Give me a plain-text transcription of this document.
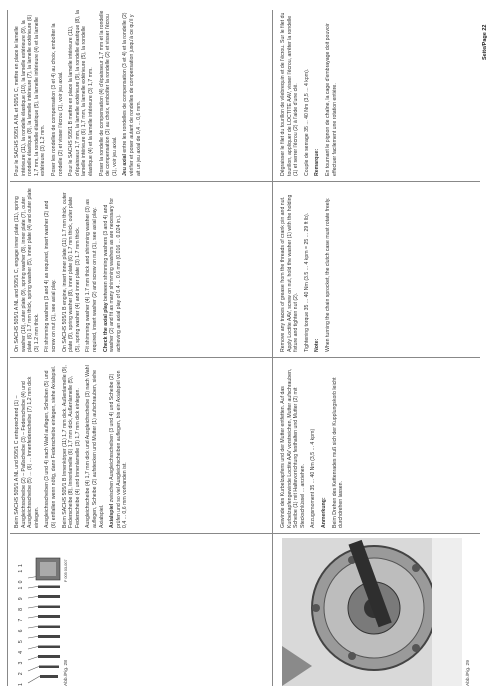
Abb./Fig. 28
1 2 3 4 5 6 7 8 9 10 11	F 005 03-007
Abb./Fig. 29

Beim SACHS 505/1 A NL und 505/1 C entsprechend (1) – Ausgleichsscheibe (2) – Paßscheibe (3) – Federscheibe (4) und Ausgleichsscheibe (5) ... (6) ... Innenfederscheibe (7) 1,2 mm dick einlegen. Ausgleichsscheiben (3 und 4) nach Wahl auflegen, Scheiben (5) und (6) entfallen wenn nötig, dann Federscheibe einlegen, siehe Axialspiel. Beim SACHS 505/1 B Innenkörper (11) 1,7 mm dick. Außenlamelle (9), Federscheibe (8), Innenlamelle (6) 1,7 mm dick, Außenlamelle (5), Federscheibe (4) und Innenlamelle (3) 1,7 mm dick einlegen. Ausgleichscheibe (4) 1,7 mm dick und Ausgleichscheibe (3) nach Wahl auflegen, Scheibe (2) aufstecken und Mutter (1) aufschrauben, siehe Axialspiel. Axialspiel zwischen Ausgleichsscheiben (3 und 4) und Scheibe (2) prüfen und so viel Ausgleichscheiben auflegen, bis ein Axialspiel von 0,4 ... 0,6 mm vorhanden ist.

On SACHS 505/1 A NL and 505/1 C, engage inner plate (11), spring washer (10), outer plate (9), spring washer (8), inner plate (7), outer plate (6) 1.7 mm thick, spring washer (5), inner plate (4) and outer plate (3) 1.2 mm thick. Fit shimming washers (3 and 4) as required, insert washer (2) and screw on nut (1), see axial play. On SACHS 505/1 B engine, insert inner plate (11) 1.7 mm thick, outer plate (9), spring washer (8), inner plate (6) 1.7 mm thick, outer plate (5), spring washer (4) and inner plate (3) 1.7 mm thick. Fit shimming washer (4) 1.7 mm thick and shimming washer (3) as required, insert washer (2) and screw on nut (1), see axial play. Check the axial play between shimming washers (3 and 4) and washer (2) and fit as many shimming washers as are necessary for achieving an axial play of 0.4 ... 0.6 mm (0.016 ... 0.024 in.).

Pour le SACHS 505/1 A NL et 505/1 C, mettre en place le lamelle intérieure (11), la rondelle élastique (10), la lamelle extérieure (9), la rondelle élastique (8), la lamelle intérieure (7), la lamelle extérieure (6) 1,7 mm, la rondelle élastique (5), la lamelle intérieure (4) et la lamelle extérieure (3) 1,2 mm. Poser les rondelles de compensation (3 et 4) au choix, emboîter la rondelle (2) et visser l'écrou (1), voir jeu axial. Pour le SACHS 505/1 B mettre en place la lamelle intérieure (11), d'épaisseur 1,7 mm, la lamelle extérieure (9), la rondelle élastique (8), la lamelle intérieure (6) 1,7 mm, la lamelle extérieure (5), la rondelle élastique (4) et la lamelle intérieure (3) 1,7 mm. Poser la rondelle de compensation (4) d'épaisseur 1,7 mm et la rondelle de compensation (3) au choix, emboîter la rondelle (2) et visser l'écrou (1), voir jeu axial. Jeu axial entre les rondelles de compensation (3 et 4) et la rondelle (2) vérifier et poser autant de rondelles de compensation jusqu'à ce qu'il y ait un jeu axial de 0,4 ... 0,6 mm.

Gewinde des Kurbelzapfens und der Mutter entfetten. Auf das Kurbelzapfengewinde Loctite AAV vorstreichen, Mutter aufschrauben, Scheibe (1) mit Haltevorrichtung festhalten und Mutter (2) mit Steckschlüssel ... anziehen. Anzugsmoment 35 ... 40 Nm (3,5 ... 4 kpm) Anmerkung: Beim Drehen des Kettenrades muß sich der Kupplungskorb leicht durchdrehen lassen.

Remove any traces of grease from the threads of crank pin and nut. Apply Loctite AAV, screw on nut, hold the washer (1) with the holding fixture and tighten nut (2). Tightening torque 35 ... 40 Nm (3.5 ... 4 kpm = 25 ... 29 ft lb). Note: When turning the chain sprocket, the clutch case must rotate freely.

Dégraisser le filet du tourillon de vilebrequin et de l'écrou. Sur le filet du tourillon, appliquer de LOCTITE AAV, visser l'écrou, arrêter la rondelle (1) et serrer l'écrou (2) à l'aide d'une clé. Couple de serrage 35 ... 40 Nm (3,5 ... 4 kpm). Remarque: En tournant le pignon de chaîne, la cage d'embrayage doit pouvoir effectuer facilement une rotation entière.

Seite/Page 22
